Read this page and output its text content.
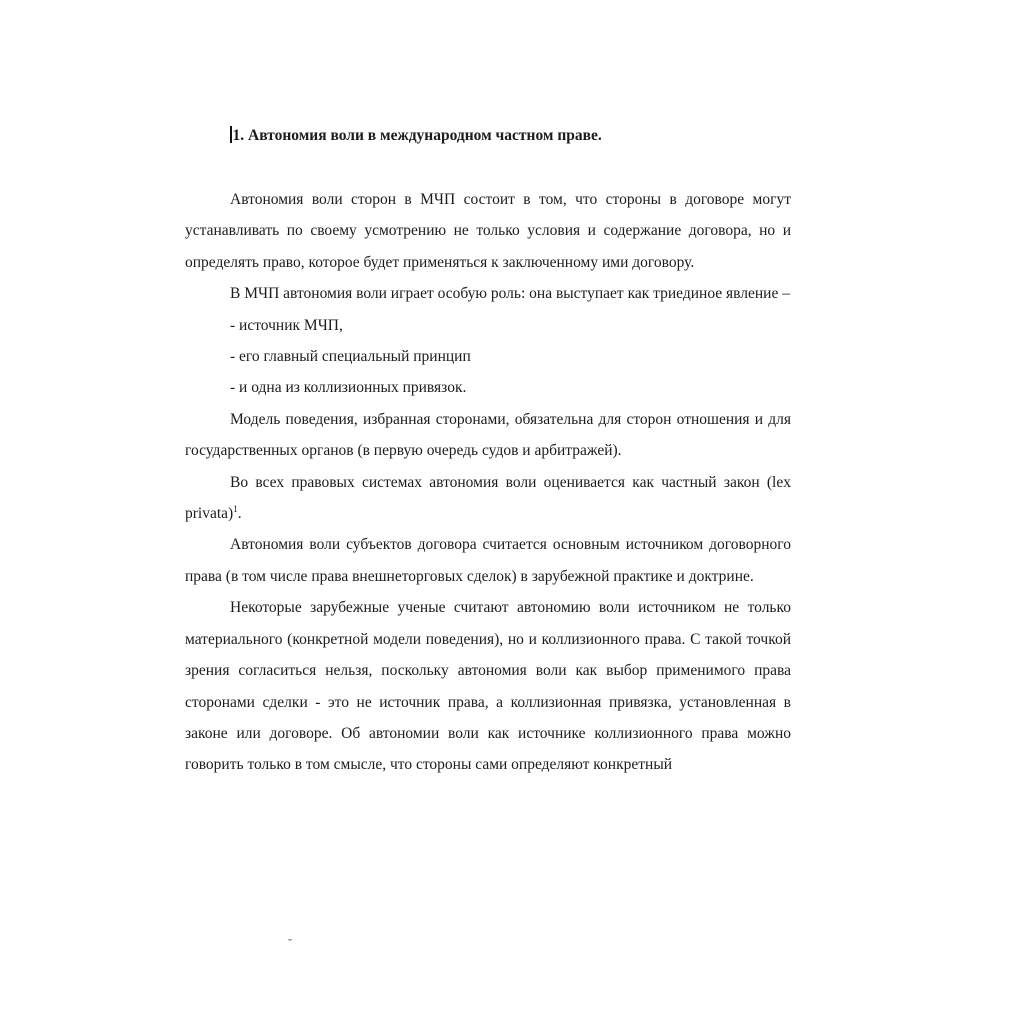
1. Автономия воли в международном частном праве.

Автономия воли сторон в МЧП состоит в том, что стороны в договоре могут устанавливать по своему усмотрению не только условия и содержание договора, но и определять право, которое будет применяться к заключенному ими договору.

В МЧП автономия воли играет особую роль: она выступает как триединое явление –

- источник МЧП,

- его главный специальный принцип

- и одна из коллизионных привязок.

Модель поведения, избранная сторонами, обязательна для сторон отношения и для государственных органов (в первую очередь судов и арбитражей).

Во всех правовых системах автономия воли оценивается как частный закон (lex privata)$^1$.

Автономия воли субъектов договора считается основным источником договорного права (в том числе права внешнеторговых сделок) в зарубежной практике и доктрине.

Некоторые зарубежные ученые считают автономию воли источником не только материального (конкретной модели поведения), но и коллизионного права. С такой точкой зрения согласиться нельзя, поскольку автономия воли как выбор применимого права сторонами сделки - это не источник права, а коллизионная привязка, установленная в законе или договоре. Об автономии воли как источнике коллизионного права можно говорить только в том смысле, что стороны сами определяют конкретный

˘
